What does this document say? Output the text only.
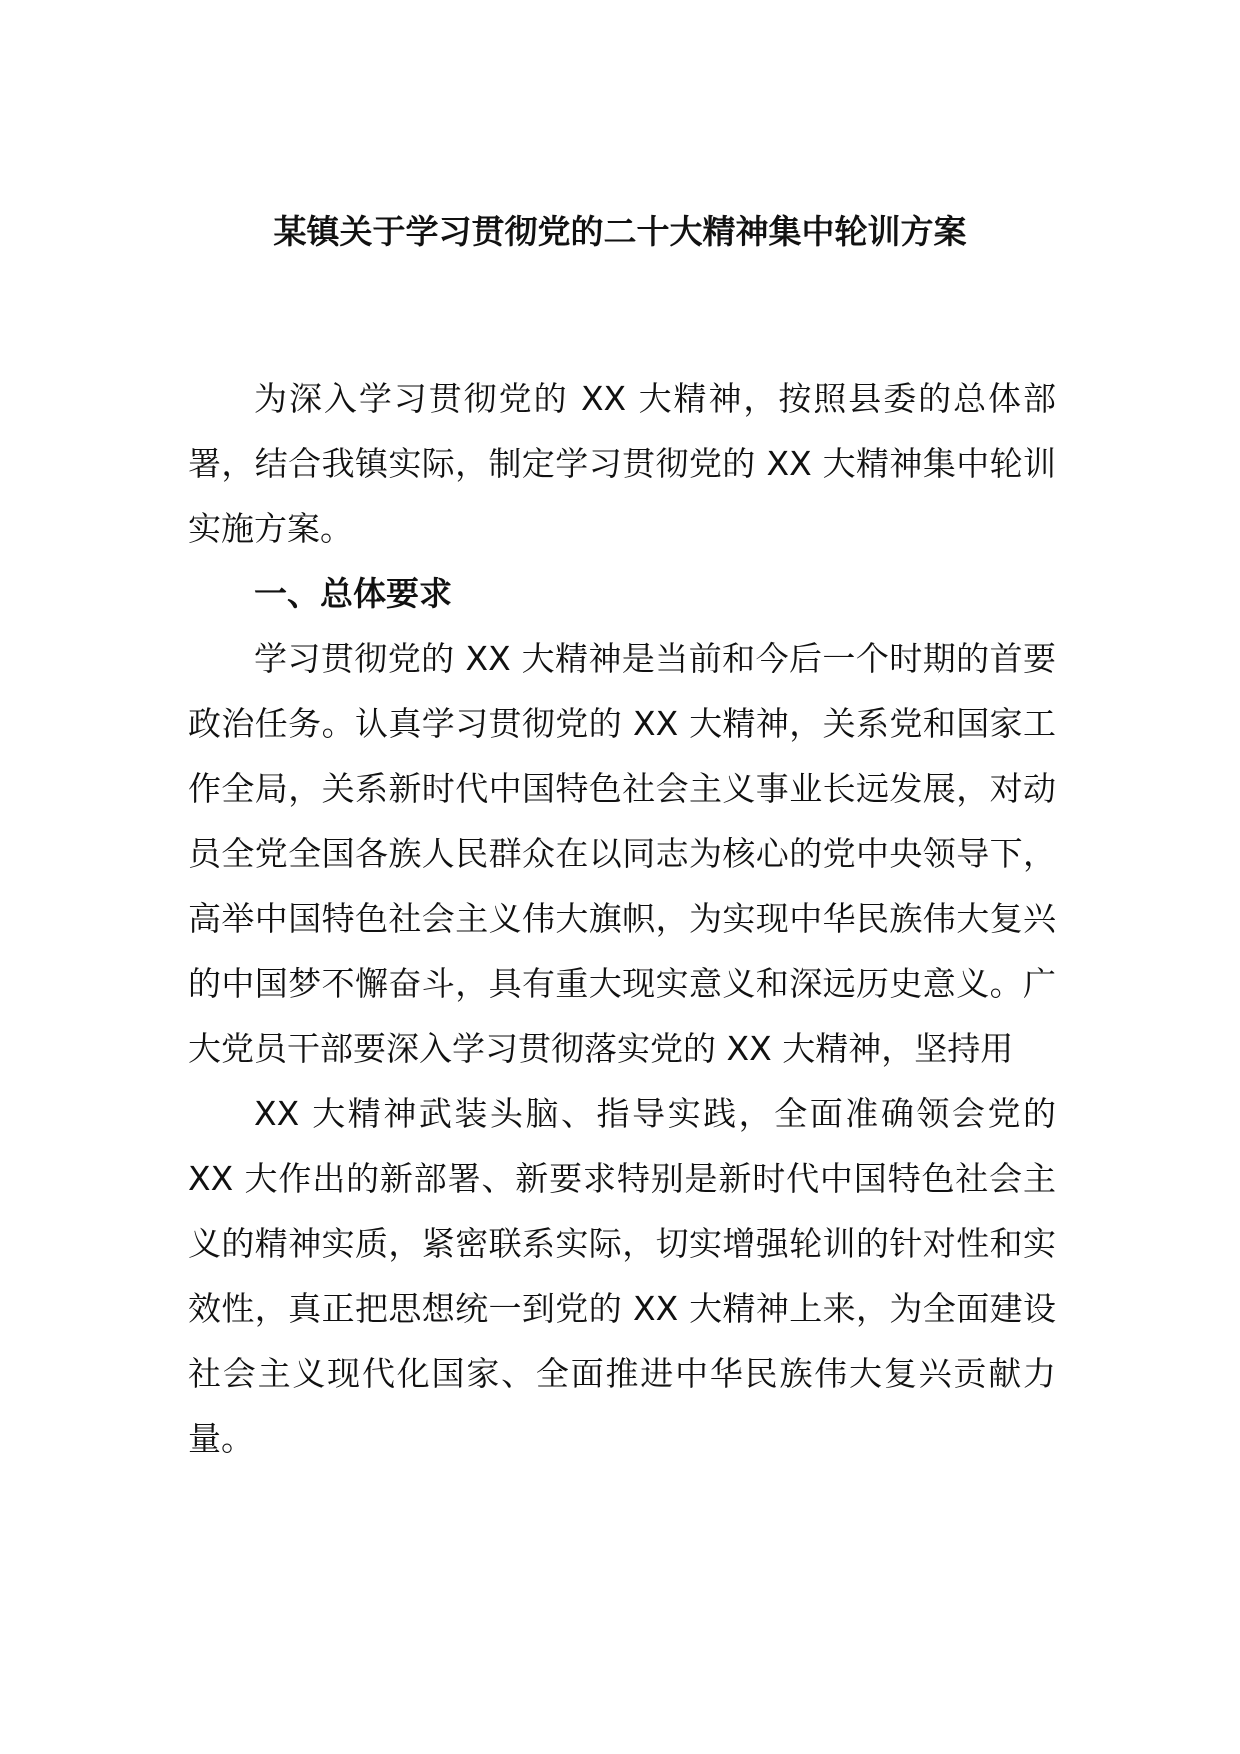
某镇关于学习贯彻党的二十大精神集中轮训方案

为深入学习贯彻党的 XX 大精神，按照县委的总体部署，结合我镇实际，制定学习贯彻党的 XX 大精神集中轮训实施方案。

一、总体要求

学习贯彻党的 XX 大精神是当前和今后一个时期的首要政治任务。认真学习贯彻党的 XX 大精神，关系党和国家工作全局，关系新时代中国特色社会主义事业长远发展，对动员全党全国各族人民群众在以同志为核心的党中央领导下，高举中国特色社会主义伟大旗帜，为实现中华民族伟大复兴的中国梦不懈奋斗，具有重大现实意义和深远历史意义。广大党员干部要深入学习贯彻落实党的 XX 大精神，坚持用

XX 大精神武装头脑、指导实践，全面准确领会党的 XX 大作出的新部署、新要求特别是新时代中国特色社会主义的精神实质，紧密联系实际，切实增强轮训的针对性和实效性，真正把思想统一到党的 XX 大精神上来，为全面建设社会主义现代化国家、全面推进中华民族伟大复兴贡献力量。
